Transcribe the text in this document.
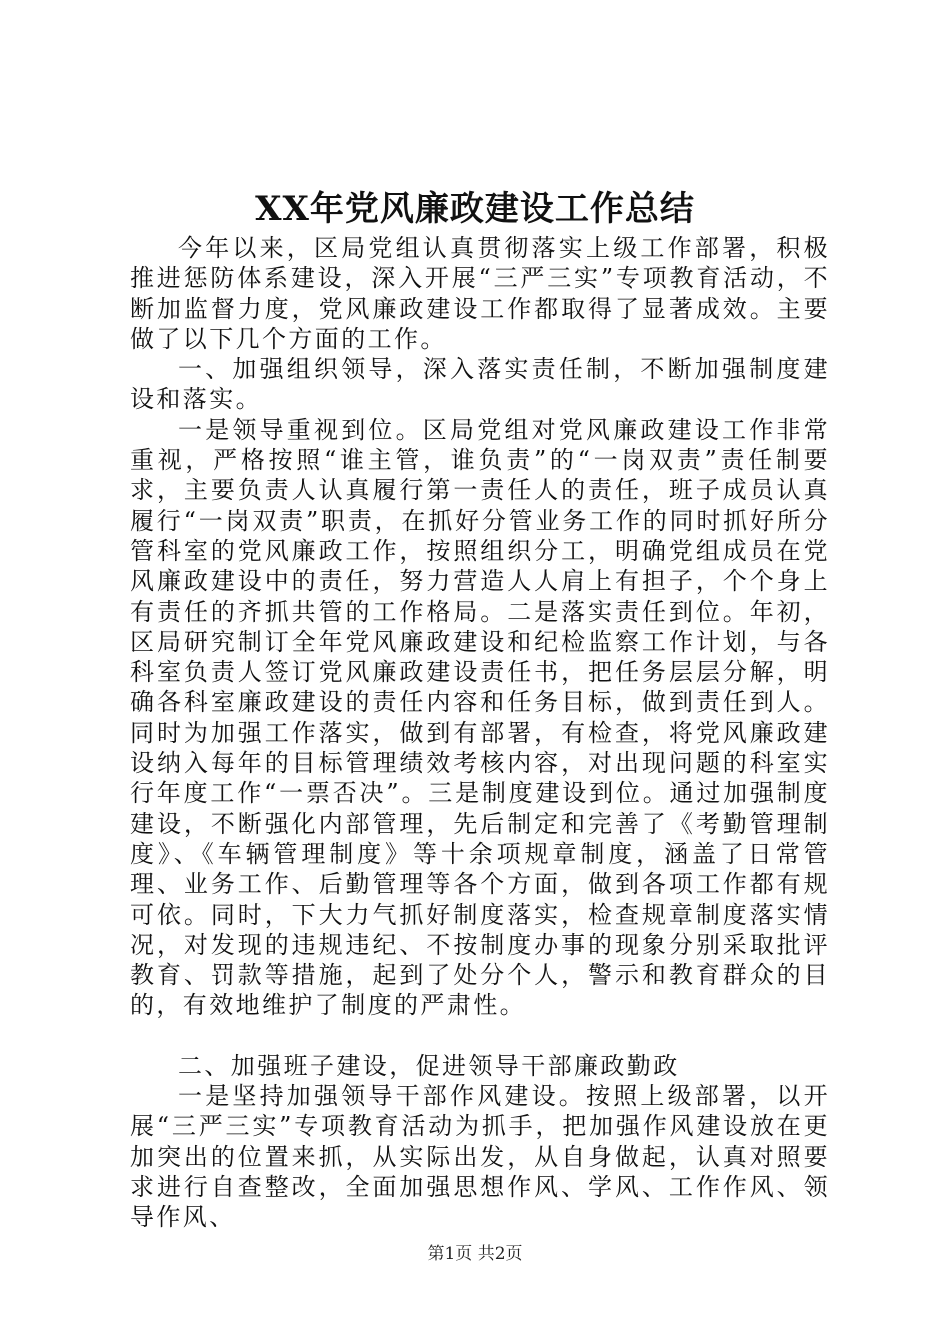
XX年党风廉政建设工作总结

今年以来，区局党组认真贯彻落实上级工作部署，积极推进惩防体系建设，深入开展“三严三实”专项教育活动，不断加监督力度，党风廉政建设工作都取得了显著成效。主要做了以下几个方面的工作。

一、加强组织领导，深入落实责任制，不断加强制度建设和落实。

一是领导重视到位。区局党组对党风廉政建设工作非常重视，严格按照“谁主管，谁负责”的“一岗双责”责任制要求，主要负责人认真履行第一责任人的责任，班子成员认真履行“一岗双责”职责，在抓好分管业务工作的同时抓好所分管科室的党风廉政工作，按照组织分工，明确党组成员在党风廉政建设中的责任，努力营造人人肩上有担子，个个身上有责任的齐抓共管的工作格局。二是落实责任到位。年初，区局研究制订全年党风廉政建设和纪检监察工作计划，与各科室负责人签订党风廉政建设责任书，把任务层层分解，明确各科室廉政建设的责任内容和任务目标，做到责任到人。同时为加强工作落实，做到有部署，有检查，将党风廉政建设纳入每年的目标管理绩效考核内容，对出现问题的科室实行年度工作“一票否决”。三是制度建设到位。通过加强制度建设，不断强化内部管理，先后制定和完善了《考勤管理制度》、《车辆管理制度》等十余项规章制度，涵盖了日常管理、业务工作、后勤管理等各个方面，做到各项工作都有规可依。同时，下大力气抓好制度落实，检查规章制度落实情况，对发现的违规违纪、不按制度办事的现象分别采取批评教育、罚款等措施，起到了处分个人，警示和教育群众的目的，有效地维护了制度的严肃性。

二、加强班子建设，促进领导干部廉政勤政

一是坚持加强领导干部作风建设。按照上级部署，以开展“三严三实”专项教育活动为抓手，把加强作风建设放在更加突出的位置来抓，从实际出发，从自身做起，认真对照要求进行自查整改，全面加强思想作风、学风、工作作风、领导作风、

第1页 共2页
